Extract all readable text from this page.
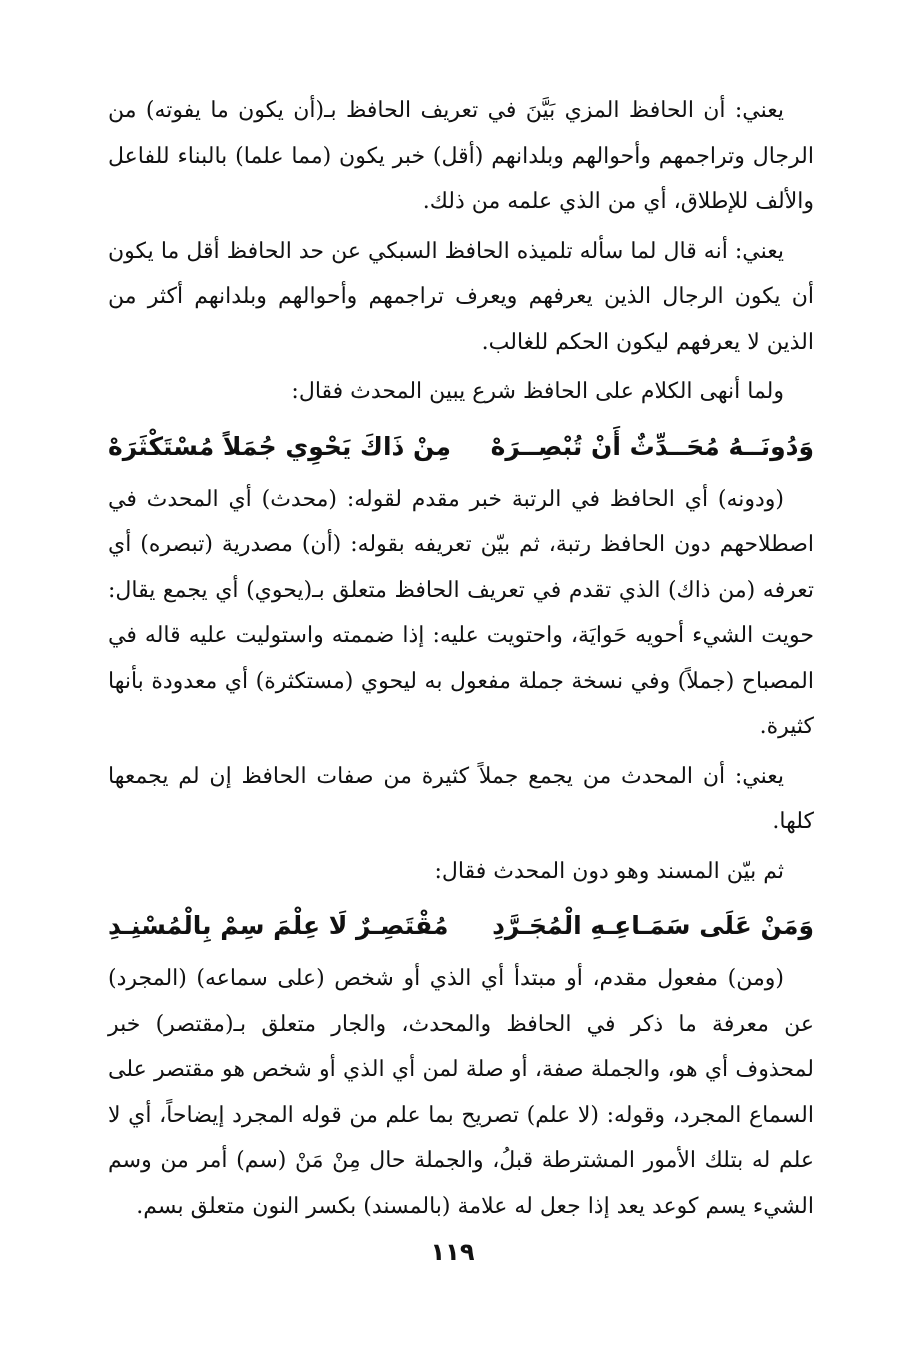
يعني: أن الحافظ المزي بَيَّنَ في تعريف الحافظ بـ(أن يكون ما يفوته) من الرجال وتراجمهم وأحوالهم وبلدانهم (أقل) خبر يكون (مما علما) بالبناء للفاعل والألف للإطلاق، أي من الذي علمه من ذلك.

يعني: أنه قال لما سأله تلميذه الحافظ السبكي عن حد الحافظ أقل ما يكون أن يكون الرجال الذين يعرفهم ويعرف تراجمهم وأحوالهم وبلدانهم أكثر من الذين لا يعرفهم ليكون الحكم للغالب.

ولما أنهى الكلام على الحافظ شرع يبين المحدث فقال:

وَدُونَــهُ مُحَــدِّثٌ أَنْ تُبْصِــرَهْ
مِنْ ذَاكَ يَحْوِي جُمَلاً مُسْتَكْثَرَهْ

(ودونه) أي الحافظ في الرتبة خبر مقدم لقوله: (محدث) أي المحدث في اصطلاحهم دون الحافظ رتبة، ثم بيّن تعريفه بقوله: (أن) مصدرية (تبصره) أي تعرفه (من ذاك) الذي تقدم في تعريف الحافظ متعلق بـ(يحوي) أي يجمع يقال: حويت الشيء أحويه حَوايَة، واحتويت عليه: إذا ضممته واستوليت عليه قاله في المصباح (جملاً) وفي نسخة جملة مفعول به ليحوي (مستكثرة) أي معدودة بأنها كثيرة.

يعني: أن المحدث من يجمع جملاً كثيرة من صفات الحافظ إن لم يجمعها كلها.

ثم بيّن المسند وهو دون المحدث فقال:

وَمَنْ عَلَى سَمَـاعِـهِ الْمُجَـرَّدِ
مُقْتَصِـرٌ لَا عِلْمَ سِمْ بِالْمُسْنِـدِ

(ومن) مفعول مقدم، أو مبتدأ أي الذي أو شخص (على سماعه) (المجرد) عن معرفة ما ذكر في الحافظ والمحدث، والجار متعلق بـ(مقتصر) خبر لمحذوف أي هو، والجملة صفة، أو صلة لمن أي الذي أو شخص هو مقتصر على السماع المجرد، وقوله: (لا علم) تصريح بما علم من قوله المجرد إيضاحاً، أي لا علم له بتلك الأمور المشترطة قبلُ، والجملة حال مِنْ مَنْ (سم) أمر من وسم الشيء يسم كوعد يعد إذا جعل له علامة (بالمسند) بكسر النون متعلق بسم.

١١٩
